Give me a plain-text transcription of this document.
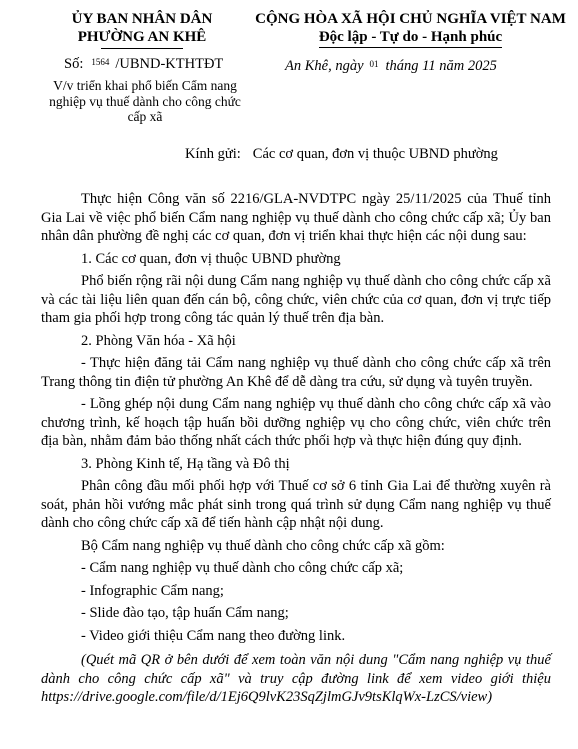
ỦY BAN NHÂN DÂN
PHƯỜNG AN KHÊ
CỘNG HÒA XÃ HỘI CHỦ NGHĨA VIỆT NAM
Độc lập - Tự do - Hạnh phúc
Số: $^{1564}$ /UBND-KTHTĐT	An Khê, ngày $^{01}$ tháng 11 năm 2025
V/v triển khai phổ biến Cẩm nang nghiệp vụ thuế dành cho công chức cấp xã
Kính gửi: Các cơ quan, đơn vị thuộc UBND phường

Thực hiện Công văn số 2216/GLA-NVDTPC ngày 25/11/2025 của Thuế tỉnh Gia Lai về việc phổ biến Cẩm nang nghiệp vụ thuế dành cho công chức cấp xã; Ủy ban nhân dân phường đề nghị các cơ quan, đơn vị triển khai thực hiện các nội dung sau:

1. Các cơ quan, đơn vị thuộc UBND phường

Phổ biến rộng rãi nội dung Cẩm nang nghiệp vụ thuế dành cho công chức cấp xã và các tài liệu liên quan đến cán bộ, công chức, viên chức của cơ quan, đơn vị trực tiếp tham gia phối hợp trong công tác quản lý thuế trên địa bàn.

2. Phòng Văn hóa - Xã hội

- Thực hiện đăng tải Cẩm nang nghiệp vụ thuế dành cho công chức cấp xã trên Trang thông tin điện tử phường An Khê để dễ dàng tra cứu, sử dụng và tuyên truyền.

- Lồng ghép nội dung Cẩm nang nghiệp vụ thuế dành cho công chức cấp xã vào chương trình, kế hoạch tập huấn bồi dưỡng nghiệp vụ cho công chức, viên chức trên địa bàn, nhằm đảm bảo thống nhất cách thức phối hợp và thực hiện đúng quy định.

3. Phòng Kinh tế, Hạ tầng và Đô thị

Phân công đầu mối phối hợp với Thuế cơ sở 6 tỉnh Gia Lai để thường xuyên rà soát, phản hồi vướng mắc phát sinh trong quá trình sử dụng Cẩm nang nghiệp vụ thuế dành cho công chức cấp xã để tiến hành cập nhật nội dung.

Bộ Cẩm nang nghiệp vụ thuế dành cho công chức cấp xã gồm:

- Cẩm nang nghiệp vụ thuế dành cho công chức cấp xã;

- Infographic Cẩm nang;

- Slide đào tạo, tập huấn Cẩm nang;

- Video giới thiệu Cẩm nang theo đường link.

(Quét mã QR ở bên dưới để xem toàn văn nội dung "Cẩm nang nghiệp vụ thuế dành cho công chức cấp xã" và truy cập đường link để xem video giới thiệu https://drive.google.com/file/d/1Ej6Q9lvK23SqZjlmGJv9tsKlqWx-LzCS/view)
